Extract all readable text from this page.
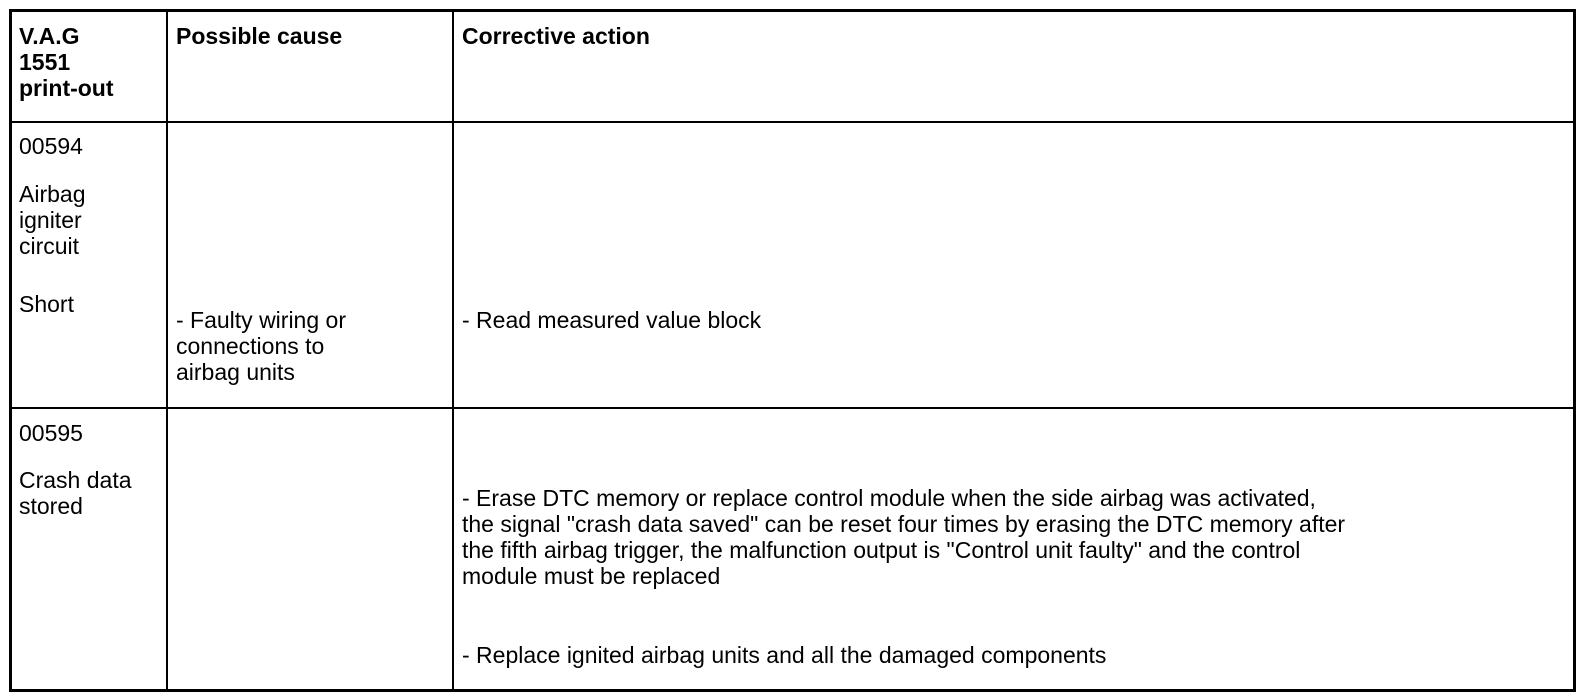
V.A.G
1551
print-out
Possible cause	Corrective action
00594
Airbag
igniter
circuit
Short
- Faulty wiring or
connections to
airbag units
- Read measured value block
00595
Crash data
stored	- Erase DTC memory or replace control module when the side airbag was activated,
the signal "crash data saved" can be reset four times by erasing the DTC memory after
the fifth airbag trigger, the malfunction output is "Control unit faulty" and the control
module must be replaced
- Replace ignited airbag units and all the damaged components
